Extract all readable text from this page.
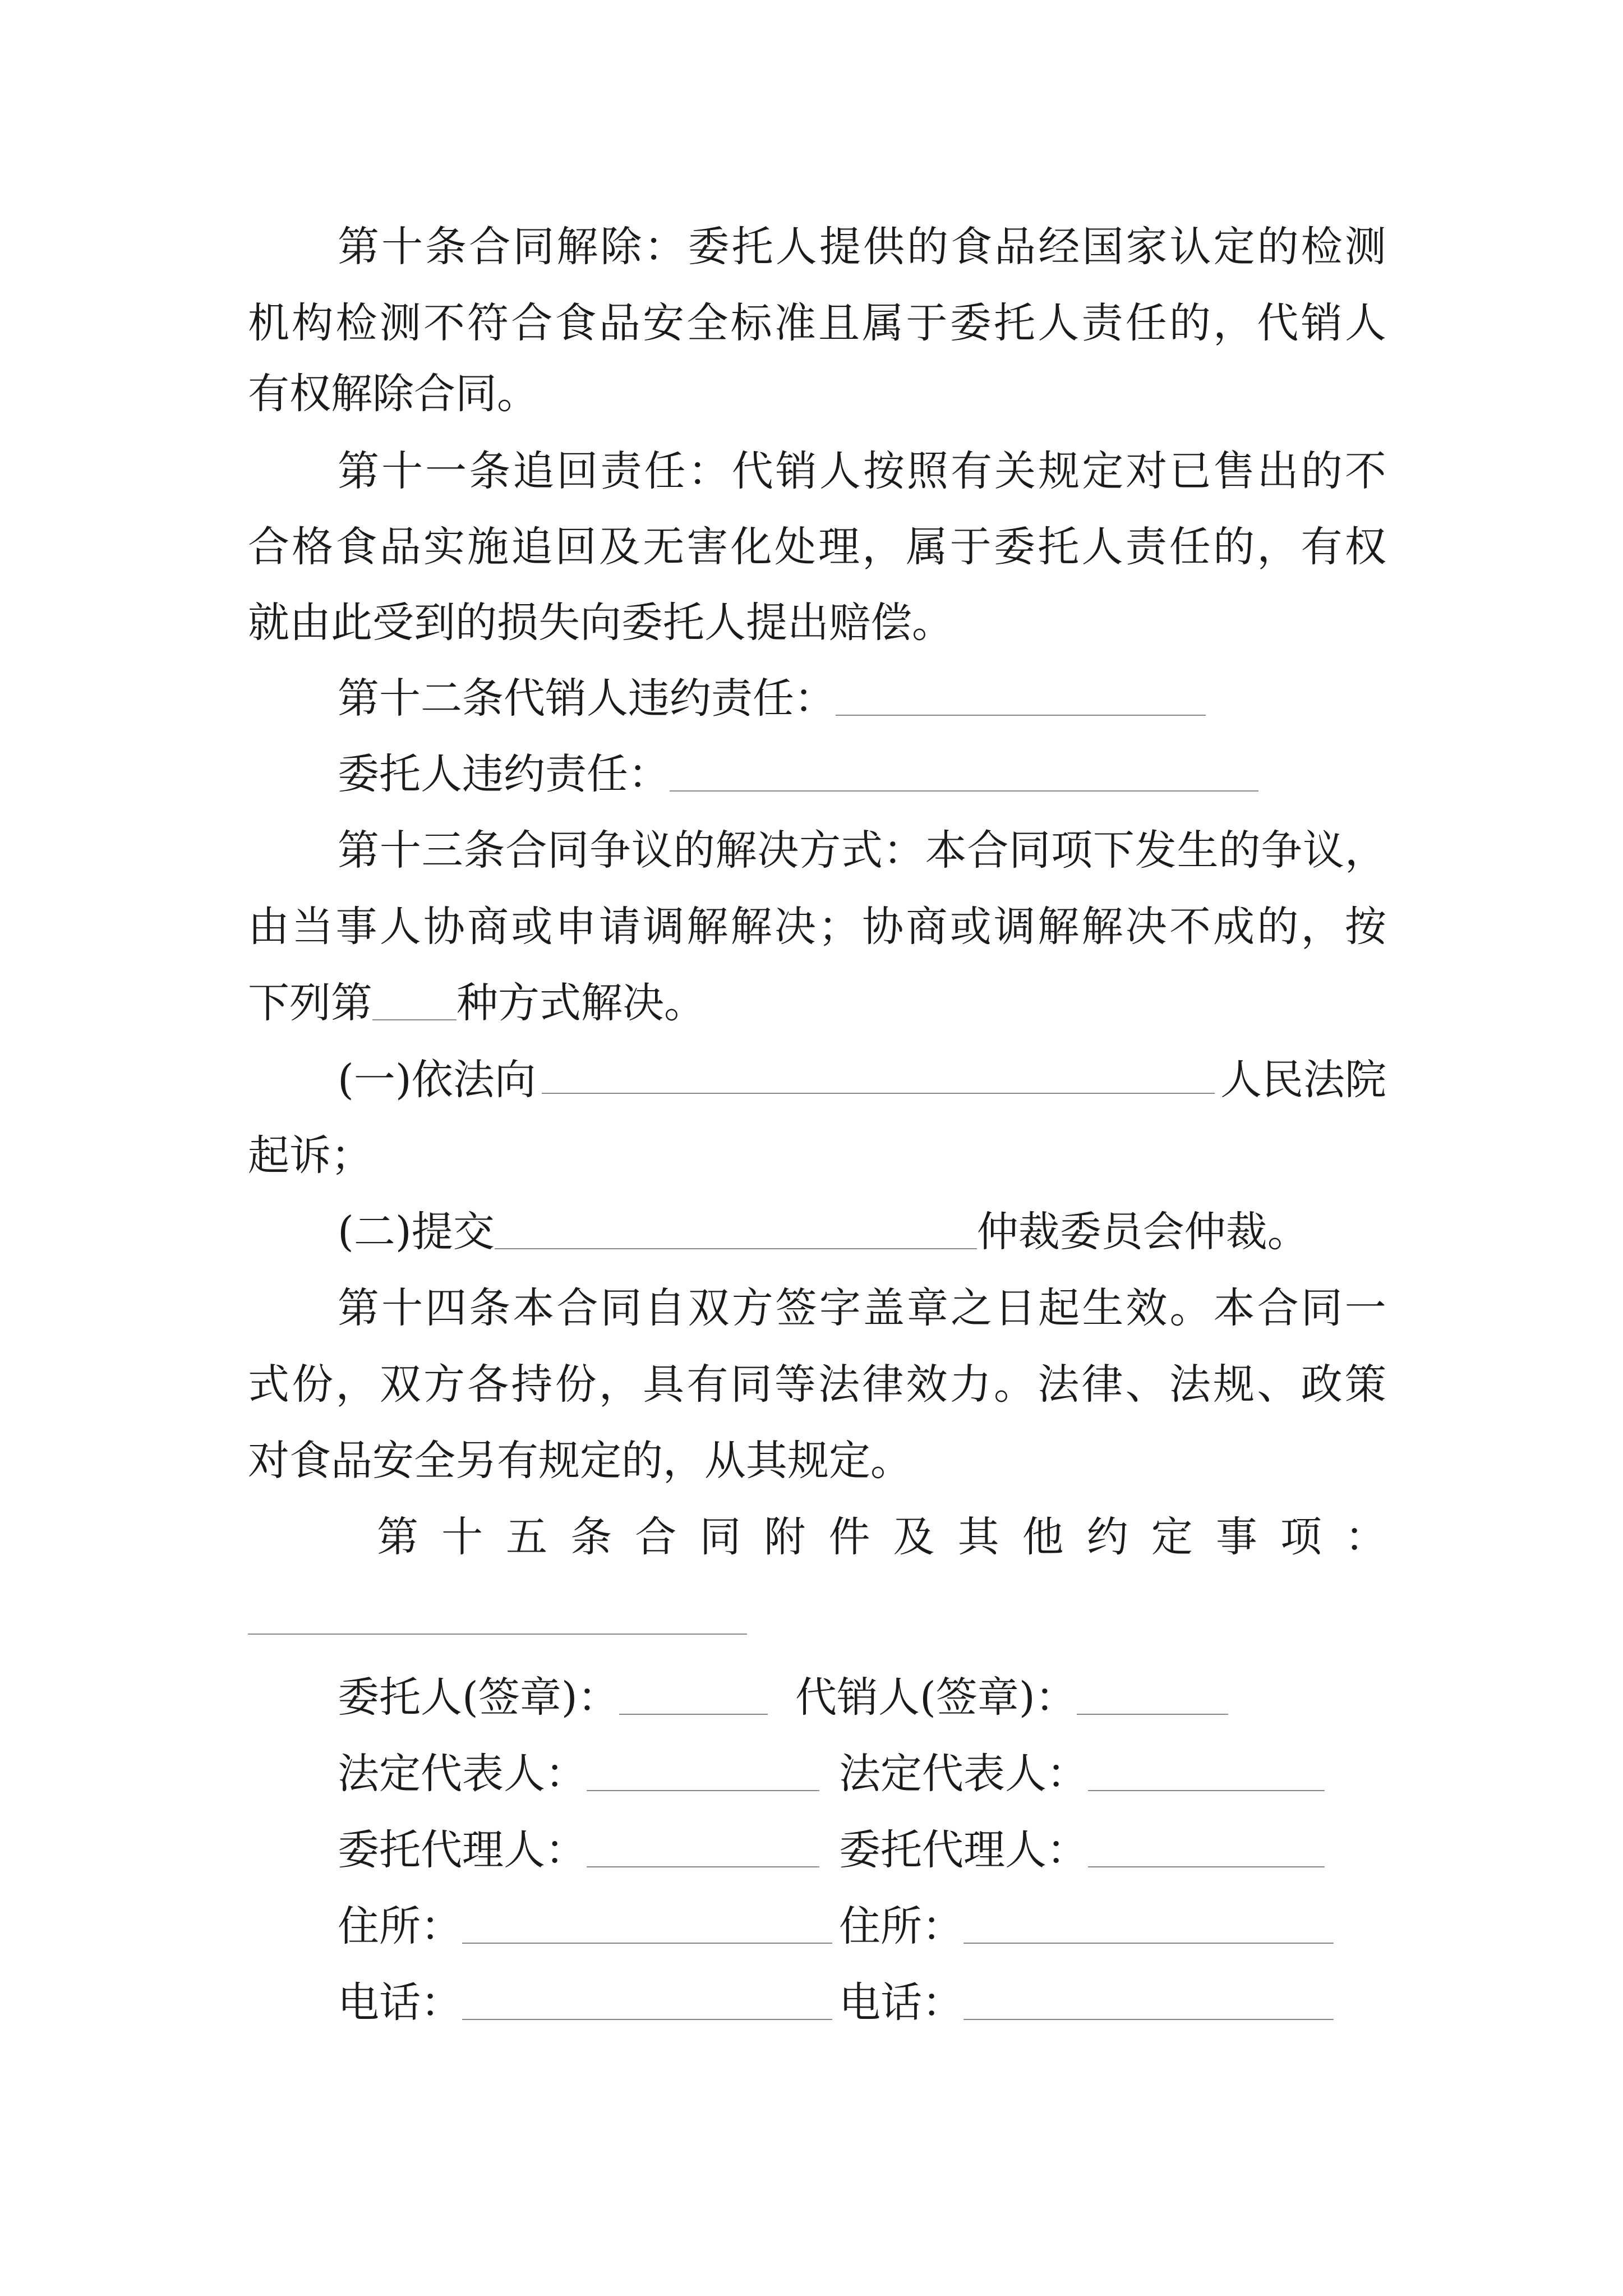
第 十 条 合 同 解 除 ： 委 托 人 提 供 的 食 品 经 国 家 认 定 的 检 测
机 构 检 测 不 符 合 食 品 安 全 标 准 且 属 于 委 托 人 责 任 的 ， 代 销 人
有权解除合同。
第 十 一 条 追 回 责 任 ： 代 销 人 按 照 有 关 规 定 对 已 售 出 的 不
合 格 食 品 实 施 追 回 及 无 害 化 处 理 ， 属 于 委 托 人 责 任 的 ， 有 权
就由此受到的损失向委托人提出赔偿。
第十二条代销人违约责任：
委托人违约责任：
第 十 三 条 合 同 争 议 的 解 决 方 式 ： 本 合 同 项 下 发 生 的 争 议 ，
由 当 事 人 协 商 或 申 请 调 解 解 决 ； 协 商 或 调 解 解 决 不 成 的 ， 按
下列第 种方式解决。
(一)依法向	人民法院
起诉；
(二)提交	仲裁委员会仲裁。
第 十 四 条 本 合 同 自 双 方 签 字 盖 章 之 日 起 生 效 。 本 合 同 一
式 份 ， 双 方 各 持 份 ， 具 有 同 等 法 律 效 力 。 法 律 、 法 规 、 政 策
对食品安全另有规定的，从其规定。
第 十 五 条 合 同 附 件 及 其 他 约 定 事 项 ：
委托人(签章)：	代销人(签章)：
法定代表人：	法定代表人：
委托代理人：	委托代理人：
住所：	住所：
电话：	电话：
